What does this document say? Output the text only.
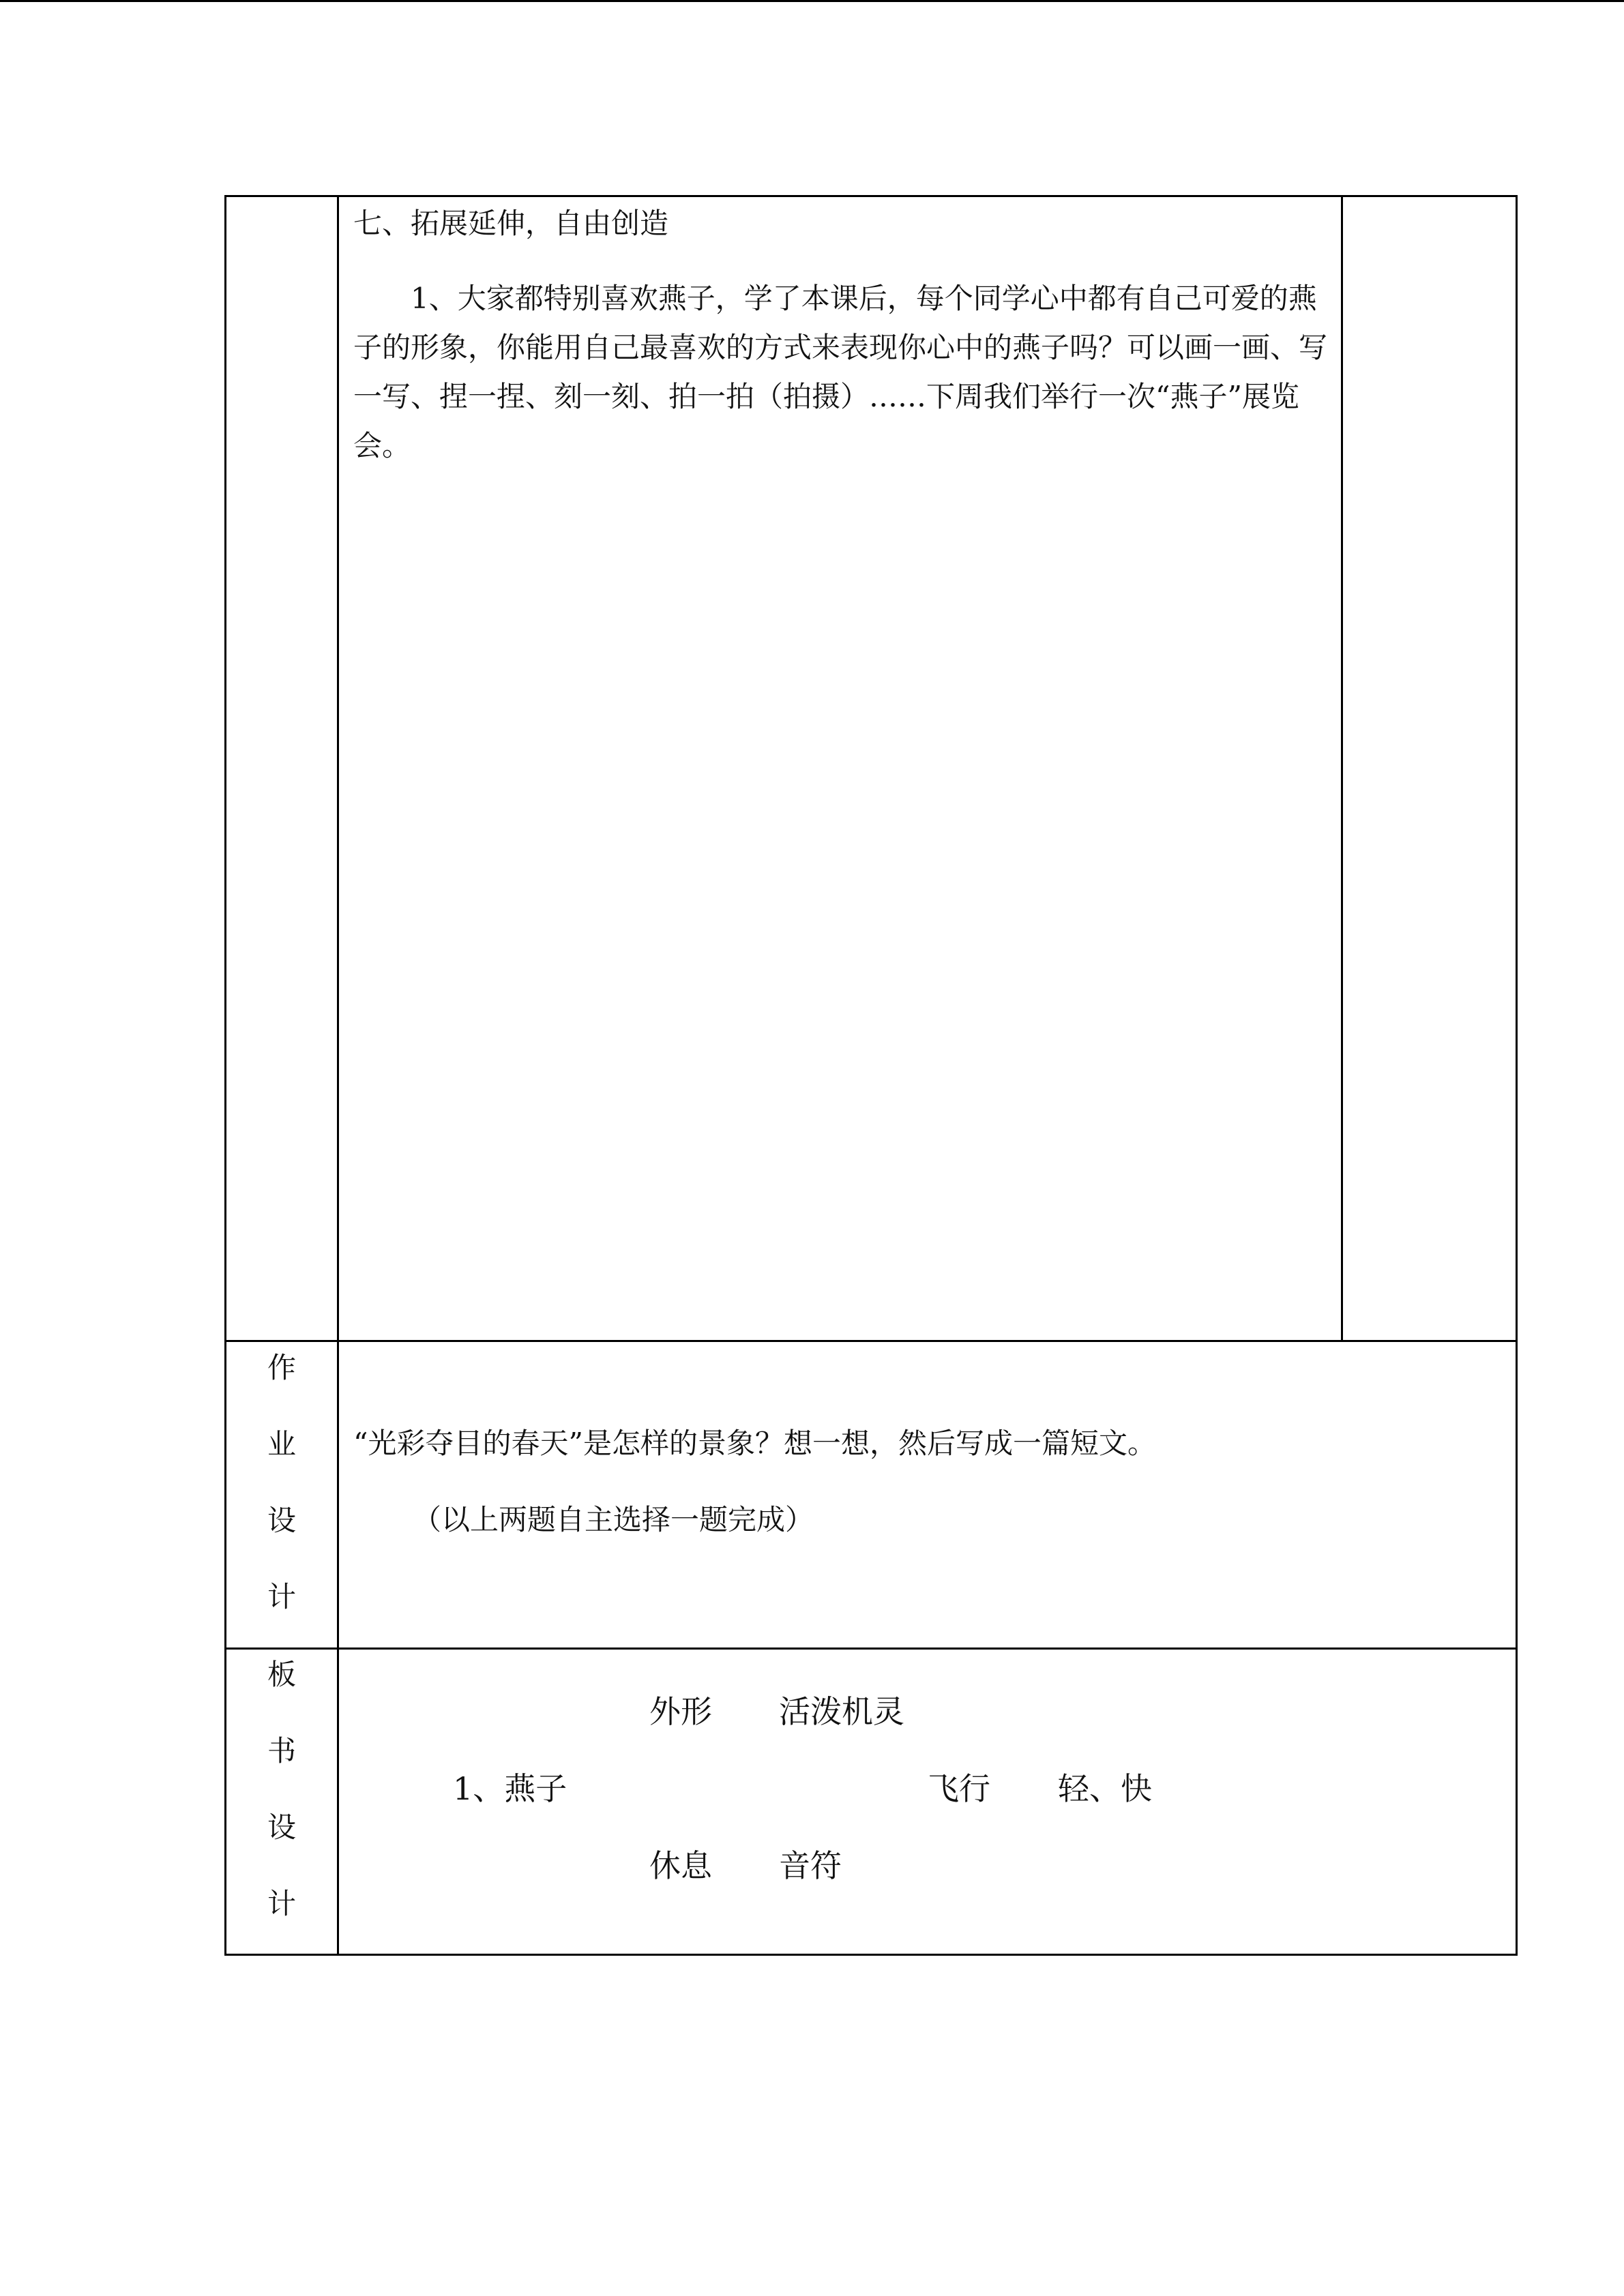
七、拓展延伸，自由创造
1、大家都特别喜欢燕子，学了本课后，每个同学心中都有自己可爱的燕子的形象，你能用自己最喜欢的方式来表现你心中的燕子吗？可以画一画、写一写、捏一捏、刻一刻、拍一拍（拍摄）……下周我们举行一次“燕子”展览会。
作
业
设
计
“光彩夺目的春天”是怎样的景象？想一想，然后写成一篇短文。
（以上两题自主选择一题完成）
板
书
设
计
外形 活泼机灵
1、燕子	飞行 轻、快
休息 音符
